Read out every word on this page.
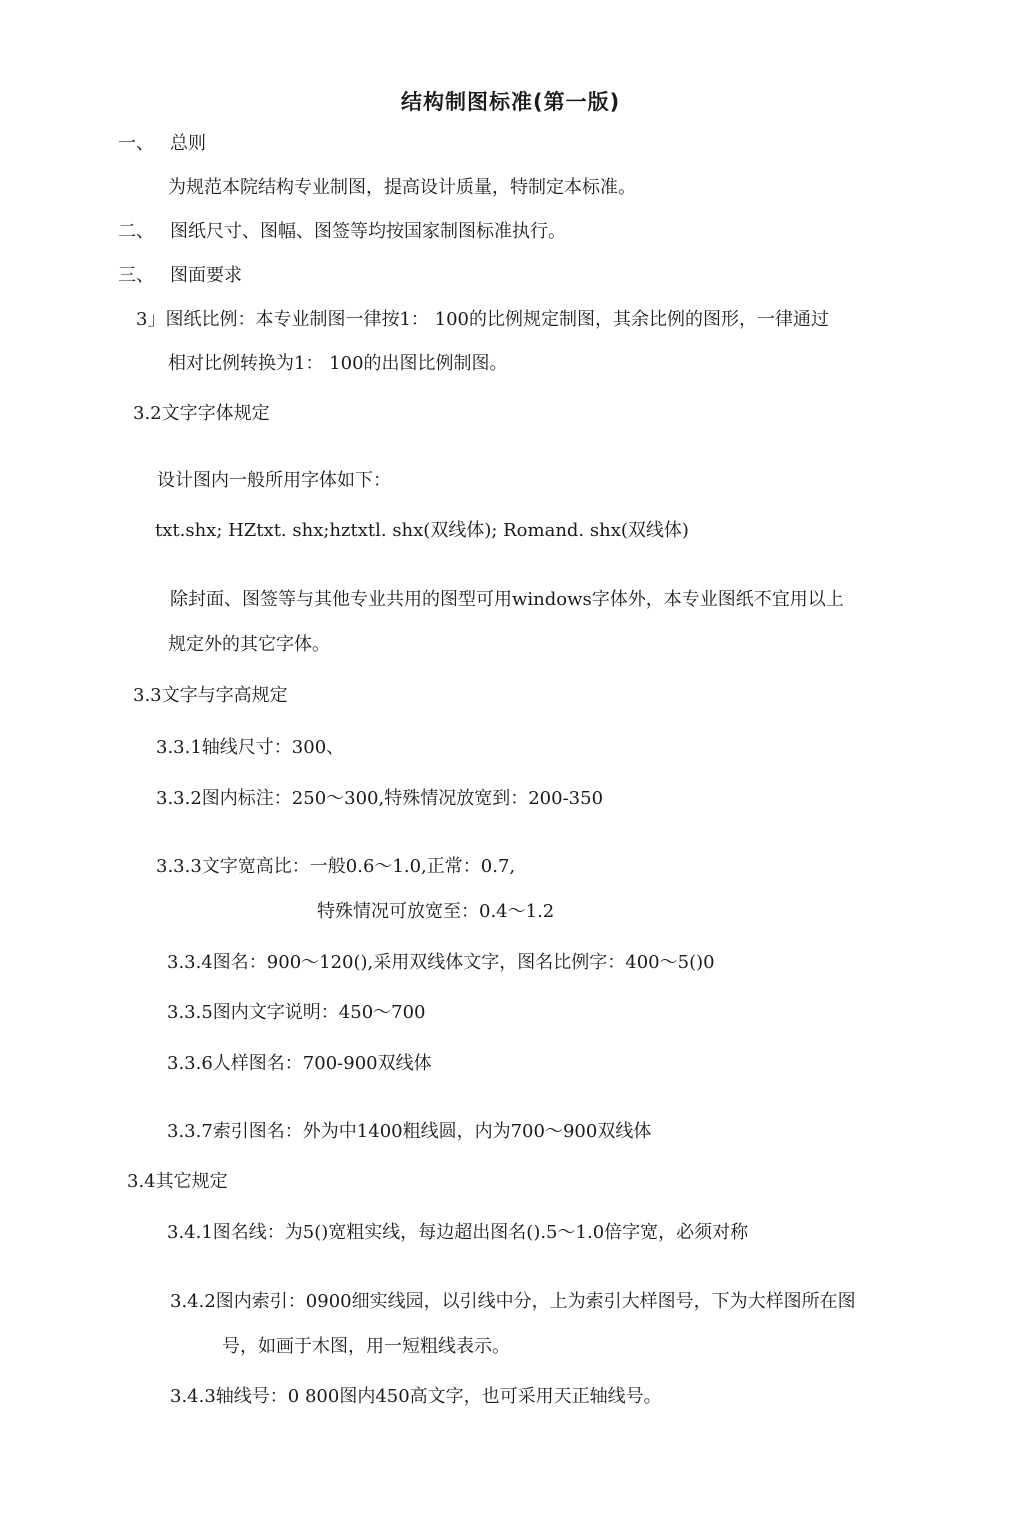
结构制图标准(第一版)
一、 总则
为规范本院结构专业制图，提高设计质量，特制定本标准。
二、 图纸尺寸、图幅、图签等均按国家制图标准执行。
三、 图面要求
3」图纸比例：本专业制图一律按1： 100的比例规定制图，其余比例的图形，一律通过
相对比例转换为1： 100的出图比例制图。
3.2文字字体规定
设计图内一般所用字体如下：
txt.shx; HZtxt. shx;hztxtl. shx(双线体); Romand. shx(双线体)
除封面、图签等与其他专业共用的图型可用windows字体外，本专业图纸不宜用以上
规定外的其它字体。
3.3文字与字高规定
3.3.1轴线尺寸：300、
3.3.2图内标注：250〜300,特殊情况放宽到：200-350
3.3.3文字宽高比：一般0.6〜1.0,正常：0.7,
特殊情况可放宽至：0.4〜1.2
3.3.4图名：900〜120(),采用双线体文字，图名比例字：400〜5()0
3.3.5图内文字说明：450〜700
3.3.6人样图名：700-900双线体
3.3.7索引图名：外为中1400粗线圆，内为700〜900双线体
3.4其它规定
3.4.1图名线：为5()宽粗实线，每边超出图名().5〜1.0倍字宽，必须对称
3.4.2图内索引：0900细实线园，以引线中分，上为索引大样图号，下为大样图所在图
号，如画于木图，用一短粗线表示。
3.4.3轴线号：0 800图内450高文字，也可采用天正轴线号。
